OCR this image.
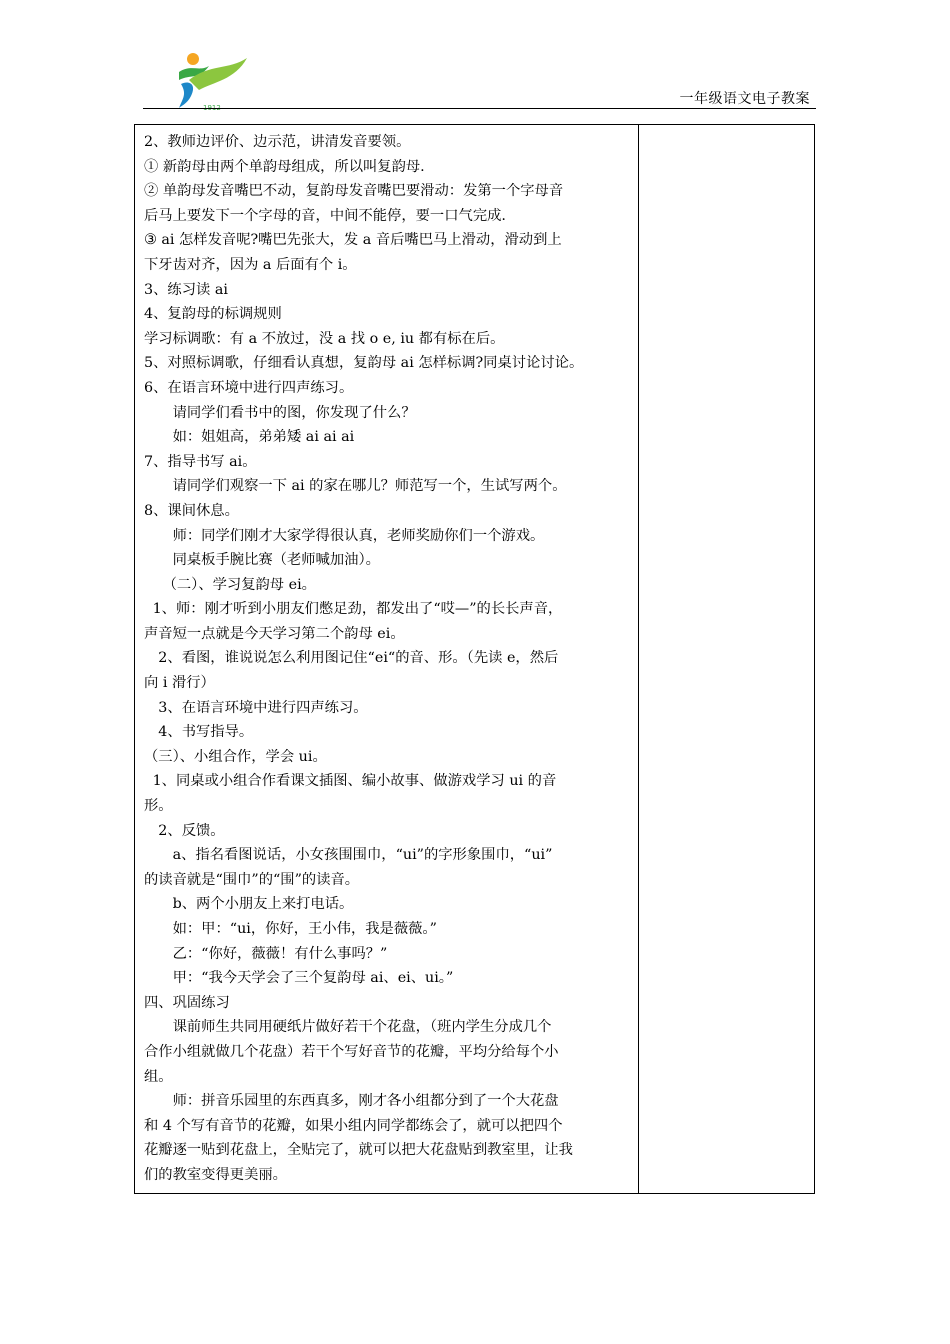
1912
一年级语文电子教案
2、教师边评价、边示范，讲清发音要领。
① 新韵母由两个单韵母组成，所以叫复韵母.
② 单韵母发音嘴巴不动，复韵母发音嘴巴要滑动：发第一个字母音
后马上要发下一个字母的音，中间不能停，要一口气完成.
③ ai 怎样发音呢?嘴巴先张大，发 a 音后嘴巴马上滑动，滑动到上
下牙齿对齐，因为 a 后面有个 i。
3、练习读 ai
4、复韵母的标调规则
学习标调歌：有 a 不放过，没 a 找 o e, iu 都有标在后。
5、对照标调歌，仔细看认真想，复韵母 ai 怎样标调?同桌讨论讨论。
6、在语言环境中进行四声练习。
请同学们看书中的图，你发现了什么？
如：姐姐高，弟弟矮 ai ai ai
7、指导书写 ai。
请同学们观察一下 ai 的家在哪儿？师范写一个，生试写两个。
8、课间休息。
师：同学们刚才大家学得很认真，老师奖励你们一个游戏。
同桌板手腕比赛（老师喊加油）。
（二）、学习复韵母 ei。
1、师：刚才听到小朋友们憋足劲，都发出了“哎—”的长长声音，
声音短一点就是今天学习第二个韵母 ei。
2、看图，谁说说怎么利用图记住“ei“的音、形。（先读 e，然后
向 i 滑行）
3、在语言环境中进行四声练习。
4、书写指导。
（三）、小组合作，学会 ui。
1、同桌或小组合作看课文插图、编小故事、做游戏学习 ui 的音
形。
2、反馈。
a、指名看图说话，小女孩围围巾，“ui”的字形象围巾，“ui”
的读音就是“围巾”的“围”的读音。
b、两个小朋友上来打电话。
如：甲：“ui，你好，王小伟，我是薇薇。”
乙：“你好，薇薇！有什么事吗？”
甲：“我今天学会了三个复韵母 ai、ei、ui。”
四、巩固练习
课前师生共同用硬纸片做好若干个花盘，（班内学生分成几个
合作小组就做几个花盘）若干个写好音节的花瓣，平均分给每个小
组。
师：拼音乐园里的东西真多，刚才各小组都分到了一个大花盘
和 4 个写有音节的花瓣，如果小组内同学都练会了，就可以把四个
花瓣逐一贴到花盘上，全贴完了，就可以把大花盘贴到教室里，让我
们的教室变得更美丽。
